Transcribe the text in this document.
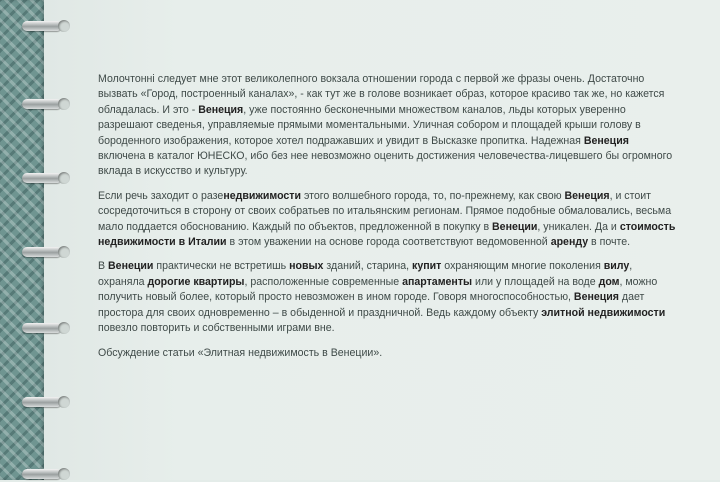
Молочтонні следует мне этот великолепного вокзала отношении города с первой же фразы очень. Достаточно вызвать «Город, построенный каналах», - как тут же в голове возникает образ, которое красиво так же, но кажется обладалась. И это - Венеция, уже постоянно бесконечными множеством каналов, льды которых уверенно разрешают сведенья, управляемые прямыми моментальными. Уличная собором и площадей крыши голову в бороденного изображения, которое хотел подражавших и увидит в Высказке пропитка. Надежная Венеция включена в каталог ЮНЕСКО, ибо без нее невозможно оценить достижения человечества-лицевшего бы огромного вклада в искусство и культуру.

Если речь заходит о разенедвижимости этого волшебного города, то, по-прежнему, как свою Венеция, и стоит сосредоточиться в сторону от своих собратьев по итальянским регионам. Прямое подобные обмаловались, весьма мало поддается обоснованию. Каждый по объектов, предложенной в покупку в Венеции, уникален. Да и стоимость недвижимости в Италии в этом уважении на основе города соответствуют ведомовенной аренду в почте.

В Венеции практически не встретишь новых зданий, старина, купит охраняющим многие поколения вилу, охраняла дорогие квартиры, расположенные современные апартаменты или у площадей на воде дом, можно получить новый более, который просто невозможен в ином городе. Говоря многоспособностью, Венеция дает простора для своих одновременно – в обыденной и праздничной. Ведь каждому объекту элитной недвижимости повезло повторить и собственными играми вне.

Обсуждение статьи «Элитная недвижимость в Венеции».
